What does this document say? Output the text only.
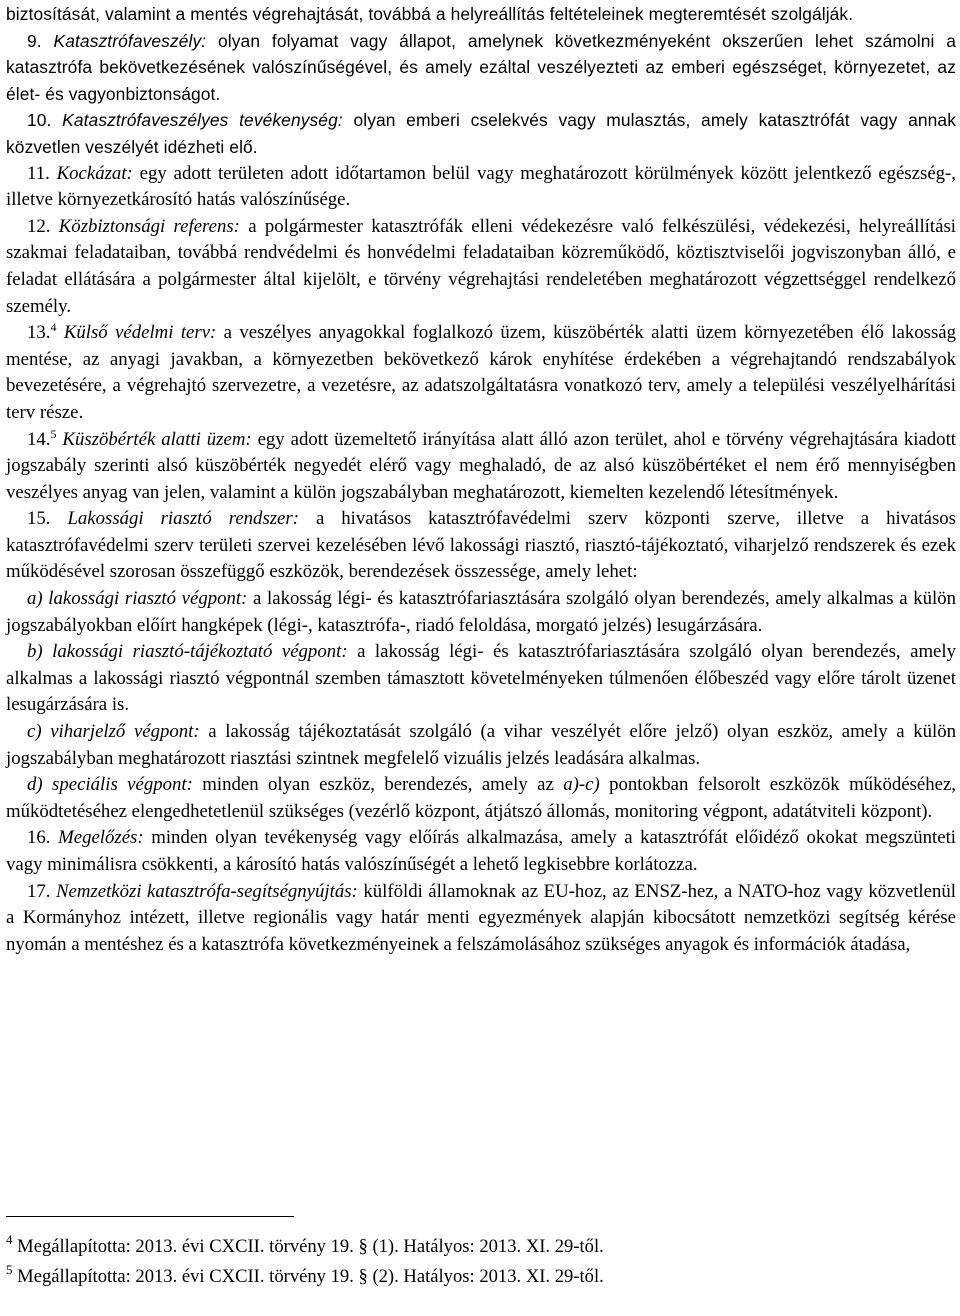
biztosítását, valamint a mentés végrehajtását, továbbá a helyreállítás feltételeinek megteremtését szolgálják.

9. Katasztrófaveszély: olyan folyamat vagy állapot, amelynek következményeként okszerűen lehet számolni a katasztrófa bekövetkezésének valószínűségével, és amely ezáltal veszélyezteti az emberi egészséget, környezetet, az élet- és vagyonbiztonságot.

10. Katasztrófaveszélyes tevékenység: olyan emberi cselekvés vagy mulasztás, amely katasztrófát vagy annak közvetlen veszélyét idézheti elő.

11. Kockázat: egy adott területen adott időtartamon belül vagy meghatározott körülmények között jelentkező egészség-, illetve környezetkárosító hatás valószínűsége.

12. Közbiztonsági referens: a polgármester katasztrófák elleni védekezésre való felkészülési, védekezési, helyreállítási szakmai feladataiban, továbbá rendvédelmi és honvédelmi feladataiban közreműködő, köztisztviselői jogviszonyban álló, e feladat ellátására a polgármester által kijelölt, e törvény végrehajtási rendeletében meghatározott végzettséggel rendelkező személy.

13.$^4$ Külső védelmi terv: a veszélyes anyagokkal foglalkozó üzem, küszöbérték alatti üzem környezetében élő lakosság mentése, az anyagi javakban, a környezetben bekövetkező károk enyhítése érdekében a végrehajtandó rendszabályok bevezetésére, a végrehajtó szervezetre, a vezetésre, az adatszolgáltatásra vonatkozó terv, amely a települési veszélyelhárítási terv része.

14.$^5$ Küszöbérték alatti üzem: egy adott üzemeltető irányítása alatt álló azon terület, ahol e törvény végrehajtására kiadott jogszabály szerinti alsó küszöbérték negyedét elérő vagy meghaladó, de az alsó küszöbértéket el nem érő mennyiségben veszélyes anyag van jelen, valamint a külön jogszabályban meghatározott, kiemelten kezelendő létesítmények.

15. Lakossági riasztó rendszer: a hivatásos katasztrófavédelmi szerv központi szerve, illetve a hivatásos katasztrófavédelmi szerv területi szervei kezelésében lévő lakossági riasztó, riasztó-tájékoztató, viharjelző rendszerek és ezek működésével szorosan összefüggő eszközök, berendezések összessége, amely lehet:

a) lakossági riasztó végpont: a lakosság légi- és katasztrófariasztására szolgáló olyan berendezés, amely alkalmas a külön jogszabályokban előírt hangképek (légi-, katasztrófa-, riadó feloldása, morgató jelzés) lesugárzására.

b) lakossági riasztó-tájékoztató végpont: a lakosság légi- és katasztrófariasztására szolgáló olyan berendezés, amely alkalmas a lakossági riasztó végpontnál szemben támasztott követelményeken túlmenően élőbeszéd vagy előre tárolt üzenet lesugárzására is.

c) viharjelző végpont: a lakosság tájékoztatását szolgáló (a vihar veszélyét előre jelző) olyan eszköz, amely a külön jogszabályban meghatározott riasztási szintnek megfelelő vizuális jelzés leadására alkalmas.

d) speciális végpont: minden olyan eszköz, berendezés, amely az a)-c) pontokban felsorolt eszközök működéséhez, működtetéséhez elengedhetetlenül szükséges (vezérlő központ, átjátszó állomás, monitoring végpont, adatátviteli központ).

16. Megelőzés: minden olyan tevékenység vagy előírás alkalmazása, amely a katasztrófát előidéző okokat megszünteti vagy minimálisra csökkenti, a károsító hatás valószínűségét a lehető legkisebbre korlátozza.

17. Nemzetközi katasztrófa-segítségnyújtás: külföldi államoknak az EU-hoz, az ENSZ-hez, a NATO-hoz vagy közvetlenül a Kormányhoz intézett, illetve regionális vagy határ menti egyezmények alapján kibocsátott nemzetközi segítség kérése nyomán a mentéshez és a katasztrófa következményeinek a felszámolásához szükséges anyagok és információk átadása,

$^4$ Megállapította: 2013. évi CXCII. törvény 19. § (1). Hatályos: 2013. XI. 29-től.
$^5$ Megállapította: 2013. évi CXCII. törvény 19. § (2). Hatályos: 2013. XI. 29-től.
